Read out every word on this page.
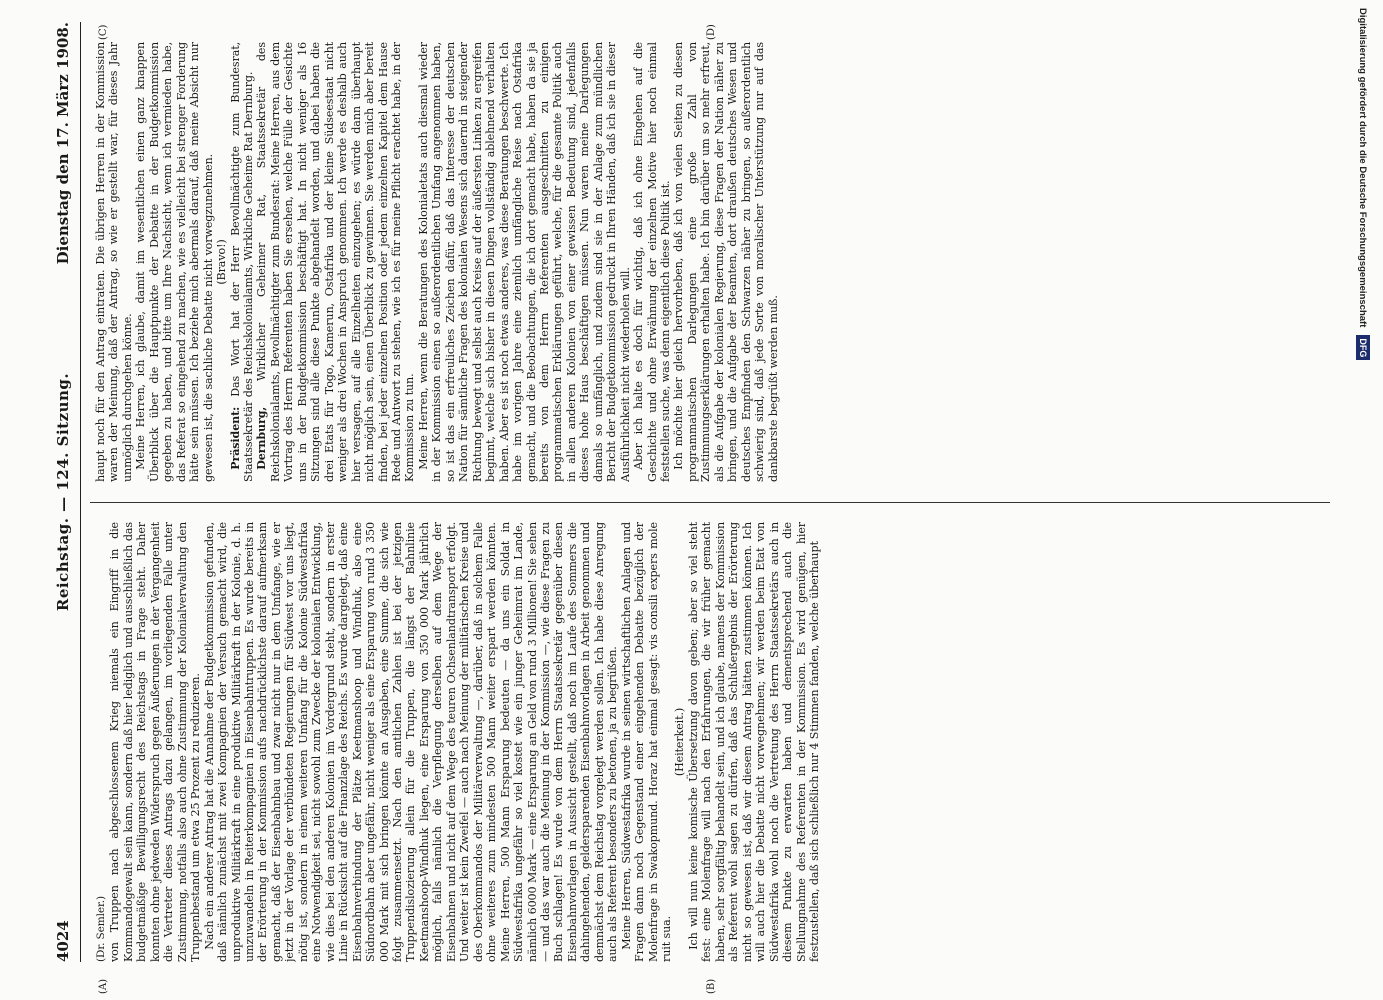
4024
Reichstag. — 124. Sitzung.
Dienstag den 17. März 1908.
(A)	(B)
(C)	(D)

(Dr. Semler.) von Truppen nach abgeschlossenem Krieg niemals ein Eingriff in die Kommandogewalt sein kann, sondern daß hier lediglich und ausschließlich das budgetmäßige Bewilligungsrecht des Reichstags in Frage steht. Daher konnten ohne jedweden Widerspruch gegen Äußerungen in der Vergangenheit die Vertreter dieses Antrags dazu gelangen, im vorliegenden Falle unter Zustimmung, notfalls also auch ohne Zustimmung der Kolonialverwaltung den Truppenbestand um etwa 25 Prozent zu reduzieren. Nach ein anderer Antrag hat die Annahme der Budgetkommission gefunden, daß nämlich zunächst mit zwei Kompagnien der Versuch gemacht wird, die unproduktive Militärkraft in eine produktive Militärkraft in der Kolonie, d. h. umzuwandeln in Reiterkompagnien in Eisenbahntruppen. Es wurde bereits in der Erörterung in der Kommission aufs nachdrücklichste darauf aufmerksam gemacht, daß der Eisenbahnbau und zwar nicht nur in dem Umfange, wie er jetzt in der Vorlage der verbündeten Regierungen für Südwest vor uns liegt, nötig ist, sondern in einem weiteren Umfang für die Kolonie Südwestafrika eine Notwendigkeit sei, nicht sowohl zum Zwecke der kolonialen Entwicklung, wie dies bei den anderen Kolonien im Vordergrund steht, sondern in erster Linie in Rücksicht auf die Finanzlage des Reichs. Es wurde dargelegt, daß eine Eisenbahnverbindung der Plätze Keetmanshoop und Windhuk, also eine Südnordbahn aber ungefähr, nicht weniger als eine Ersparung von rund 3 350 000 Mark mit sich bringen könnte an Ausgaben, eine Summe, die sich wie folgt zusammensetzt. Nach den amtlichen Zahlen ist bei der jetzigen Truppendislozierung allein für die Truppen, die längst der Bahnlinie Keetmanshoop-Windhuk liegen, eine Ersparung von 350 000 Mark jährlich möglich, falls nämlich die Verpflegung derselben auf dem Wege der Eisenbahnen und nicht auf dem Wege des teuren Ochsenlandtransport erfolgt. Und weiter ist kein Zweifel — auch nach Meinung der militärischen Kreise und des Oberkommandos der Militärverwaltung —, darüber, daß in solchem Falle ohne weiteres zum mindesten 500 Mann weiter erspart werden könnten. Meine Herren, 500 Mann Ersparung bedeuten — da uns ein Soldat in Südwestafrika ungefähr so viel kostet wie ein junger Geheimrat im Lande, nämlich 6000 Mark — eine Ersparung an Geld von rund 3 Millionen! Sie sehen — und das war auch die Meinung in der Kommission —, wie diese Fragen zu Buch schlagen! Es wurde von dem Herrn Staatssekretär gegenüber diesen Eisenbahnvorlagen in Aussicht gestellt, daß noch im Laufe des Sommers die dahingehenden, geldersparenden Eisenbahnvorlagen in Arbeit genommen und demnächst dem Reichstag vorgelegt werden sollen. Ich habe diese Anregung auch als Referent besonders zu betonen, ja zu begrüßen. Meine Herren, Südwestafrika wurde in seinen wirtschaftlichen Anlagen und Fragen dann noch Gegenstand einer eingehenden Debatte bezüglich der Molenfrage in Swakopmund. Horaz hat einmal gesagt: vis consili expers mole ruit sua.

(Heiterkeit.) Ich will nun keine komische Übersetzung davon geben; aber so viel steht fest: eine Molenfrage will nach den Erfahrungen, die wir früher gemacht haben, sehr sorgfältig behandelt sein, und ich glaube, namens der Kommission als Referent wohl sagen zu dürfen, daß das Schlußergebnis der Erörterung nicht so gewesen ist, daß wir diesem Antrag hätten zustimmen können. Ich will auch hier die Debatte nicht vorwegnehmen; wir werden beim Etat von Südwestafrika wohl noch die Vertretung des Herrn Staatssekretärs auch in diesem Punkte zu erwarten haben und dementsprechend auch die Stellungnahme des Referenten in der Kommission. Es wird genügen, hier festzustellen, daß sich schließlich nur 4 Stimmen fanden, welche überhaupt

haupt noch für den Antrag eintraten. Die übrigen Herren in der Kommission waren der Meinung, daß der Antrag, so wie er gestellt war, für dieses Jahr unmöglich durchgehen könne. Meine Herren, ich glaube, damit im wesentlichen einen ganz knappen Überblick über die Hauptpunkte der Debatte in der Budgetkommission gegeben zu haben, und bitte um Ihre Nachsicht, wenn ich vermieden habe, das Referat so eingehend zu machen, wie es vielleicht bei strenger Forderung hätte sein müssen. Ich beziehe mich abermals darauf, daß meine Absicht nur gewesen ist, die sachliche Debatte nicht vorwegzunehmen. (Bravo!)

Präsident: Das Wort hat der Herr Bevollmächtigte zum Bundesrat, Staatssekretär des Reichskolonialamts, Wirkliche Geheime Rat Dernburg. Dernburg, Wirklicher Geheimer Rat, Staatssekretär des Reichskolonialamts, Bevollmächtigter zum Bundesrat: Meine Herren, aus dem Vortrag des Herrn Referenten haben Sie ersehen, welche Fülle der Gesichte uns in der Budgetkommission beschäftigt hat. In nicht weniger als 16 Sitzungen sind alle diese Punkte abgehandelt worden, und dabei haben die drei Etats für Togo, Kamerun, Ostafrika und der kleine Südseestaat nicht weniger als drei Wochen in Anspruch genommen. Ich werde es deshalb auch hier versagen, auf alle Einzelheiten einzugehen; es würde dann überhaupt nicht möglich sein, einen Überblick zu gewinnen. Sie werden mich aber bereit finden, bei jeder einzelnen Position oder jedem einzelnen Kapitel dem Hause Rede und Antwort zu stehen, wie ich es für meine Pflicht erachtet habe, in der Kommission zu tun. Meine Herren, wenn die Beratungen des Kolonialetats auch diesmal wieder in der Kommission einen so außerordentlichen Umfang angenommen haben, so ist das ein erfreuliches Zeichen dafür, daß das Interesse der deutschen Nation für sämtliche Fragen des kolonialen Wesens sich dauernd in steigender Richtung bewegt und selbst auch Kreise auf der äußersten Linken zu ergreifen beginnt, welche sich bisher in diesen Dingen vollständig ablehnend verhalten haben. Aber es ist noch etwas anderes, was diese Beratungen beschwerte. Ich habe im vorigen Jahre eine ziemlich umfängliche Reise nach Ostafrika gemacht, und die Beobachtungen, die ich dort gemacht habe, haben da sie ja bereits von dem Herrn Referenten ausgeschnitten zu einigen programmatischen Erklärungen geführt, welche, für die gesamte Politik auch in allen anderen Kolonien von einer gewissen Bedeutung sind, jedenfalls dieses hohe Haus beschäftigen müssen. Nun waren meine Darlegungen damals so umfänglich, und zudem sind sie in der Anlage zum mündlichen Bericht der Budgetkommission gedruckt in Ihren Händen, daß ich sie in dieser Ausführlichkeit nicht wiederholen will. Aber ich halte es doch für wichtig, daß ich ohne Eingehen auf die Geschichte und ohne Erwähnung der einzelnen Motive hier noch einmal feststellen suche, was denn eigentlich diese Politik ist. Ich möchte hier gleich hervorheben, daß ich von vielen Seiten zu diesen programmatischen Darlegungen eine große Zahl von Zustimmungserklärungen erhalten habe. Ich bin darüber um so mehr erfreut, als die Aufgabe der kolonialen Regierung, diese Fragen der Nation näher zu bringen, und die Aufgabe der Beamten, dort draußen deutsches Wesen und deutsches Empfinden den Schwarzen näher zu bringen, so außerordentlich schwierig sind, daß jede Sorte von moralischer Unterstützung nur auf das dankbarste begrüßt werden muß.

Digitalisierung gefördert durch die Deutsche ForschungsgemeinschaftDFG
